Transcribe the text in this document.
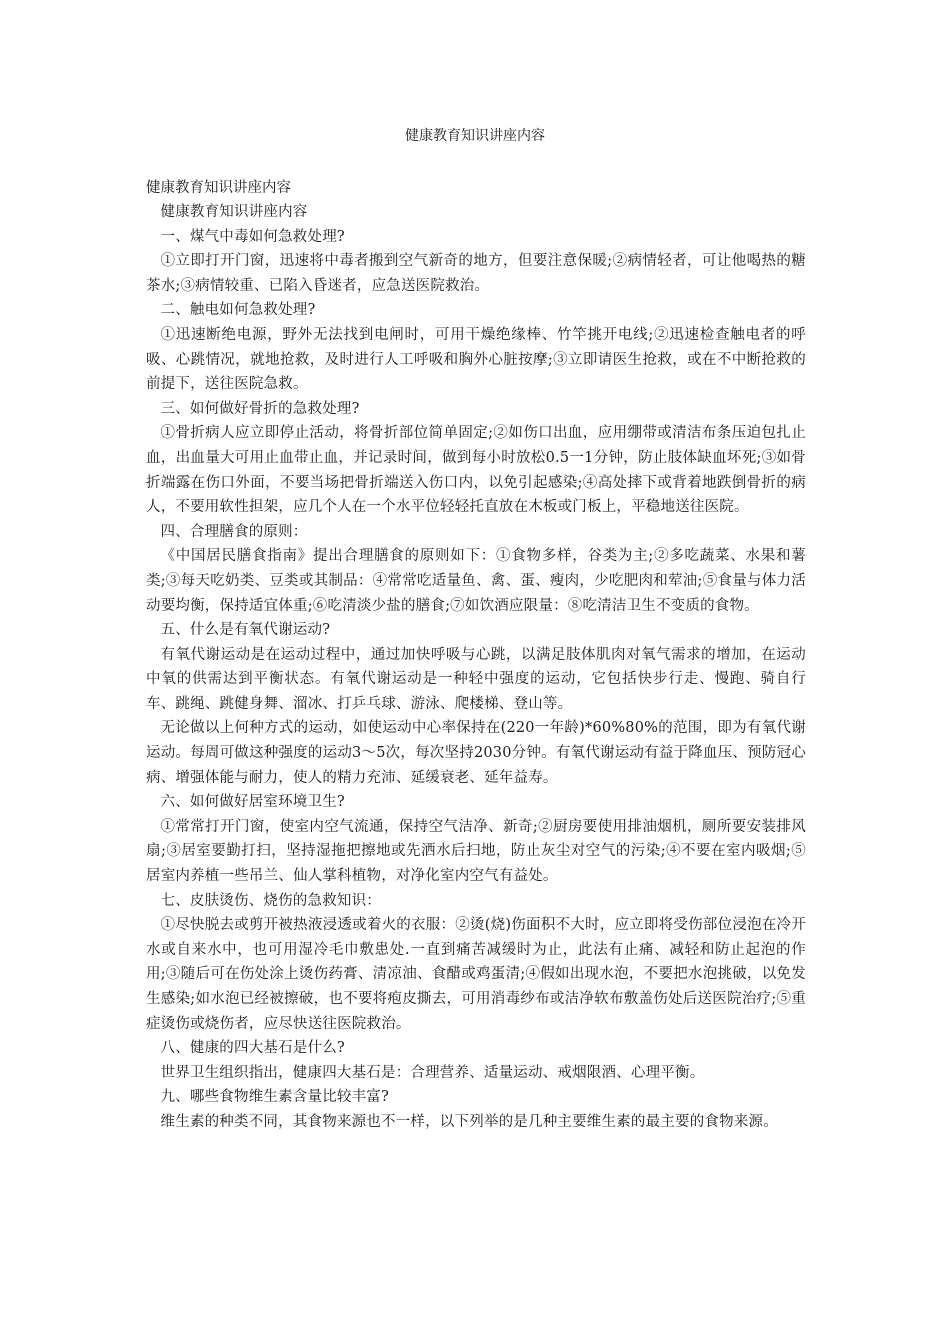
健康教育知识讲座内容

健康教育知识讲座内容

健康教育知识讲座内容

一、煤气中毒如何急救处理?

①立即打开门窗，迅速将中毒者搬到空气新奇的地方，但要注意保暖;②病情轻者，可让他喝热的糖茶水;③病情较重、已陷入昏迷者，应急送医院救治。

二、触电如何急救处理?

①迅速断绝电源，野外无法找到电闸时，可用干燥绝缘棒、竹竿挑开电线;②迅速检查触电者的呼吸、心跳情况，就地抢救，及时进行人工呼吸和胸外心脏按摩;③立即请医生抢救，或在不中断抢救的前提下，送往医院急救。

三、如何做好骨折的急救处理?

①骨折病人应立即停止活动，将骨折部位简单固定;②如伤口出血，应用绷带或清洁布条压迫包扎止血，出血量大可用止血带止血，并记录时间，做到每小时放松0.5一1分钟，防止肢体缺血坏死;③如骨折端露在伤口外面，不要当场把骨折端送入伤口内，以免引起感染;④高处摔下或背着地跌倒骨折的病人，不要用软性担架，应几个人在一个水平位轻轻托直放在木板或门板上，平稳地送往医院。

四、合理膳食的原则：

《中国居民膳食指南》提出合理膳食的原则如下：①食物多样，谷类为主;②多吃蔬菜、水果和薯类;③每天吃奶类、豆类或其制品：④常常吃适量鱼、禽、蛋、瘦肉，少吃肥肉和荤油;⑤食量与体力活动要均衡，保持适宜体重;⑥吃清淡少盐的膳食;⑦如饮酒应限量：⑧吃清洁卫生不变质的食物。

五、什么是有氧代谢运动?

有氧代谢运动是在运动过程中，通过加快呼吸与心跳，以满足肢体肌肉对氧气需求的增加，在运动中氧的供需达到平衡状态。有氧代谢运动是一种轻中强度的运动，它包括快步行走、慢跑、骑自行车、跳绳、跳健身舞、溜冰、打乒乓球、游泳、爬楼梯、登山等。

无论做以上何种方式的运动，如使运动中心率保持在(220一年龄)*60%80%的范围，即为有氧代谢运动。每周可做这种强度的运动3～5次，每次坚持2030分钟。有氧代谢运动有益于降血压、预防冠心病、增强体能与耐力，使人的精力充沛、延缓衰老、延年益寿。

六、如何做好居室环境卫生?

①常常打开门窗，使室内空气流通，保持空气洁净、新奇;②厨房要使用排油烟机，厕所要安装排风扇;③居室要勤打扫，坚持湿拖把擦地或先洒水后扫地，防止灰尘对空气的污染;④不要在室内吸烟;⑤居室内养植一些吊兰、仙人掌科植物，对净化室内空气有益处。

七、皮肤烫伤、烧伤的急救知识：

①尽快脱去或剪开被热液浸透或着火的衣服：②烫(烧)伤面积不大时，应立即将受伤部位浸泡在冷开水或自来水中，也可用湿冷毛巾敷患处.一直到痛苦减缓时为止，此法有止痛、减轻和防止起泡的作用;③随后可在伤处涂上烫伤药膏、清凉油、食醋或鸡蛋清;④假如出现水泡，不要把水泡挑破，以免发生感染;如水泡已经被擦破，也不要将疱皮撕去，可用消毒纱布或洁净软布敷盖伤处后送医院治疗;⑤重症烫伤或烧伤者，应尽快送往医院救治。

八、健康的四大基石是什么?

世界卫生组织指出，健康四大基石是：合理营养、适量运动、戒烟限酒、心理平衡。

九、哪些食物维生素含量比较丰富?

维生素的种类不同，其食物来源也不一样，以下列举的是几种主要维生素的最主要的食物来源。
